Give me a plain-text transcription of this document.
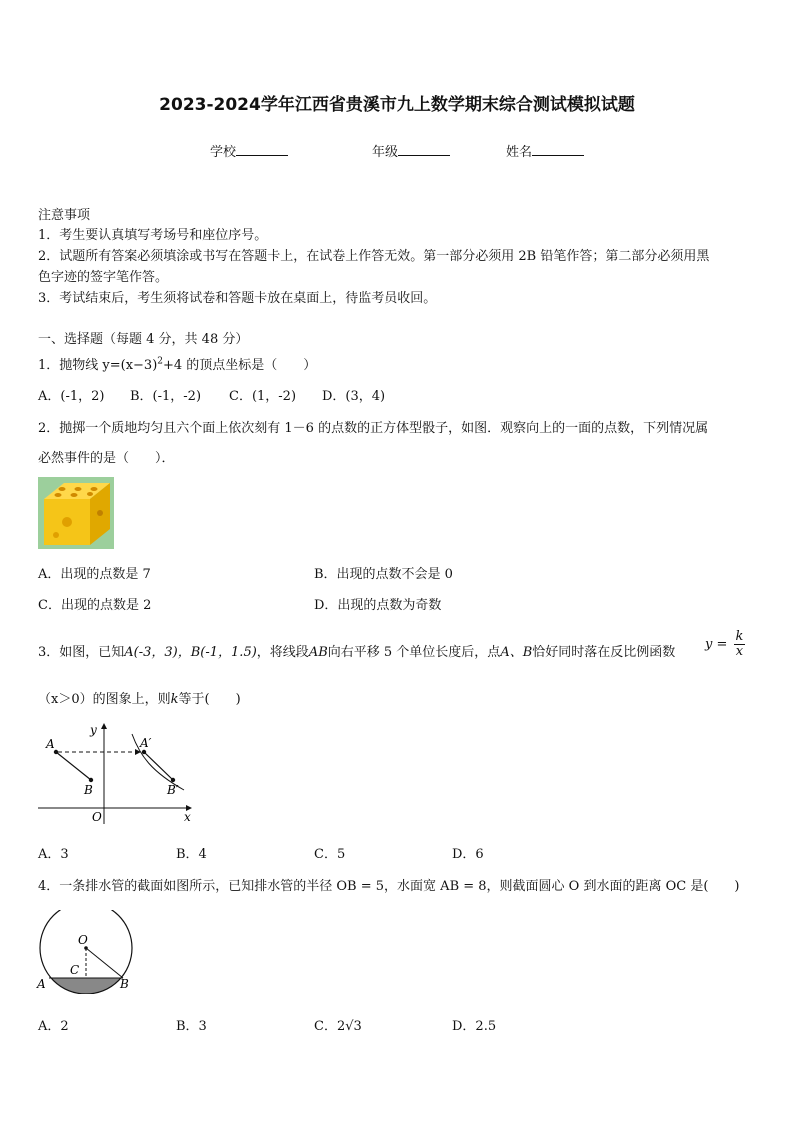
2023-2024学年江西省贵溪市九上数学期末综合测试模拟试题
学校	年级	姓名
注意事项
1．考生要认真填写考场号和座位序号。
2．试题所有答案必须填涂或书写在答题卡上，在试卷上作答无效。第一部分必须用 2B 铅笔作答；第二部分必须用黑
色字迹的签字笔作答。
3．考试结束后，考生须将试卷和答题卡放在桌面上，待监考员收回。
一、选择题（每题 4 分，共 48 分）
1．抛物线 $y=(x-3)^2+4$ 的顶点坐标是（　　）
A．(-1，2) B．(-1，-2) C．(1，-2) D．(3，4)
2．抛掷一个质地均匀且六个面上依次刻有 1－6 的点数的正方体型骰子，如图．观察向上的一面的点数，下列情况属
必然事件的是（　　）．
A．出现的点数是 7	B．出现的点数不会是 0
C．出现的点数是 2	D．出现的点数为奇数
3．如图，已知A(-3，3)，B(-1，1.5)，将线段AB向右平移 5 个单位长度后，点A、B恰好同时落在反比例函数
$y = \frac{k}{x}$
（x＞0）的图象上，则k等于(　　)
A
B
A′
B′
O	x
y
A．3	B．4	C．5	D．6
4．一条排水管的截面如图所示，已知排水管的半径 OB = 5，水面宽 AB = 8，则截面圆心 O 到水面的距离 OC 是(　　)
O
C
A	B
A．2	B．3	C．2√3	D．2.5
